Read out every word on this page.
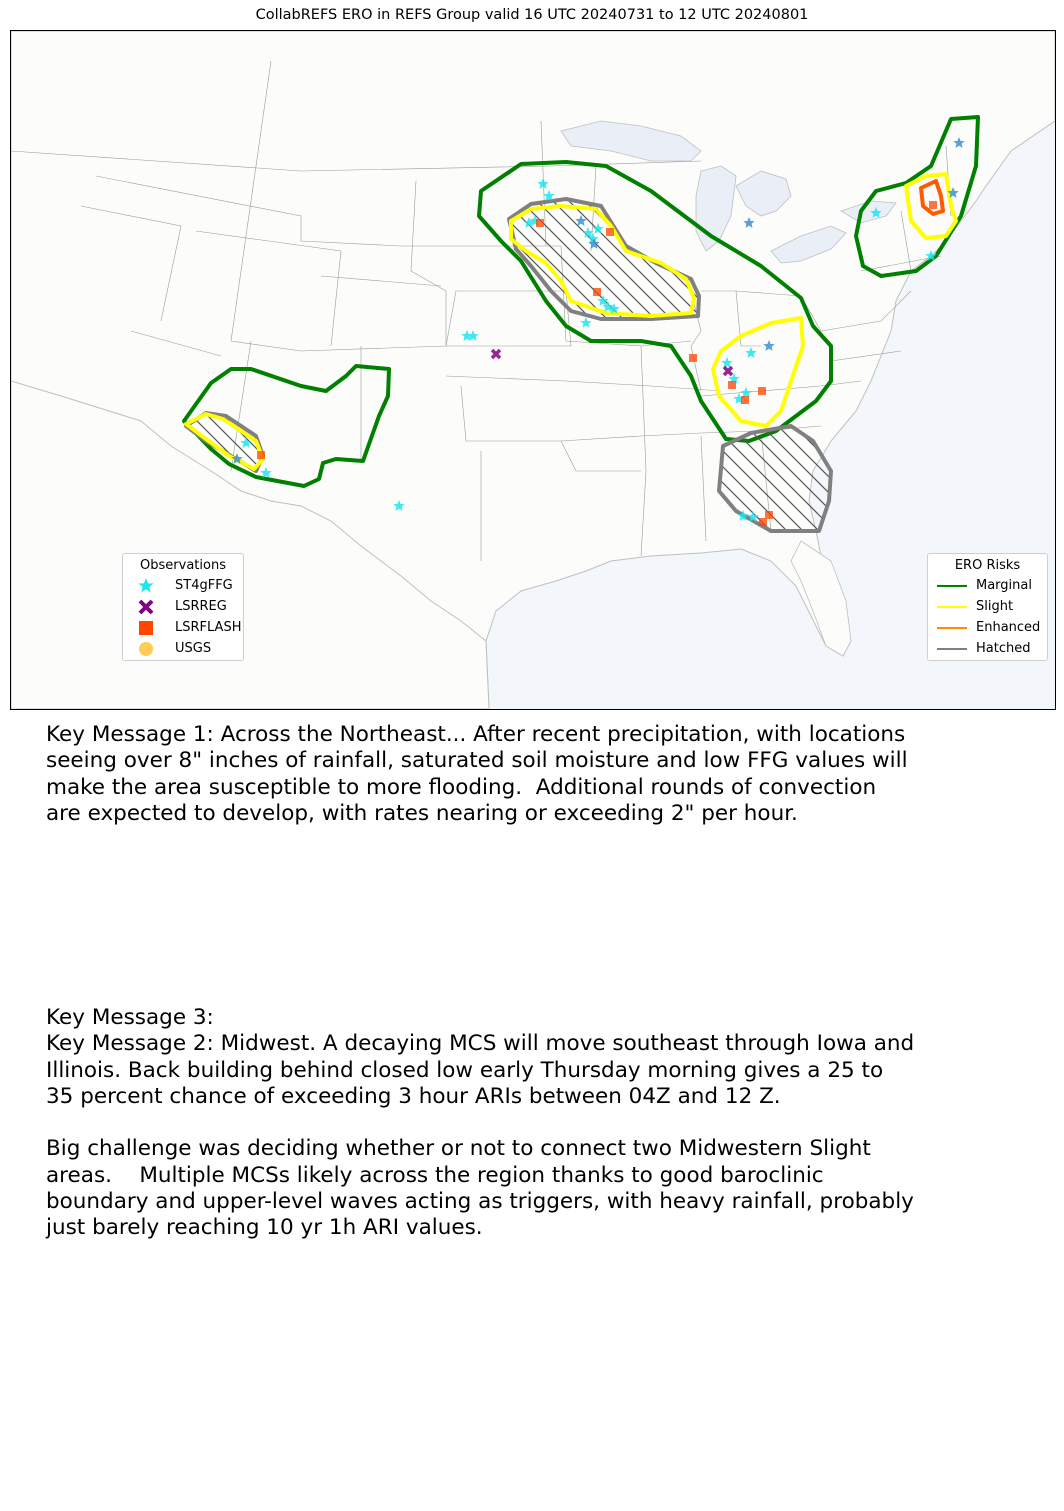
CollabREFS ERO in REFS Group valid 16 UTC 20240731 to 12 UTC 20240801
Observations
ST4gFFG
LSRREG
LSRFLASH
USGS
ERO Risks
Marginal
Slight
Enhanced
Hatched
Key Message 1: Across the Northeast... After recent precipitation, with locations
seeing over 8" inches of rainfall, saturated soil moisture and low FFG values will
make the area susceptible to more flooding.  Additional rounds of convection
are expected to develop, with rates nearing or exceeding 2" per hour.
Key Message 3:
Key Message 2: Midwest. A decaying MCS will move southeast through Iowa and
Illinois. Back building behind closed low early Thursday morning gives a 25 to
35 percent chance of exceeding 3 hour ARIs between 04Z and 12 Z.

Big challenge was deciding whether or not to connect two Midwestern Slight
areas.    Multiple MCSs likely across the region thanks to good baroclinic
boundary and upper-level waves acting as triggers, with heavy rainfall, probably
just barely reaching 10 yr 1h ARI values.
